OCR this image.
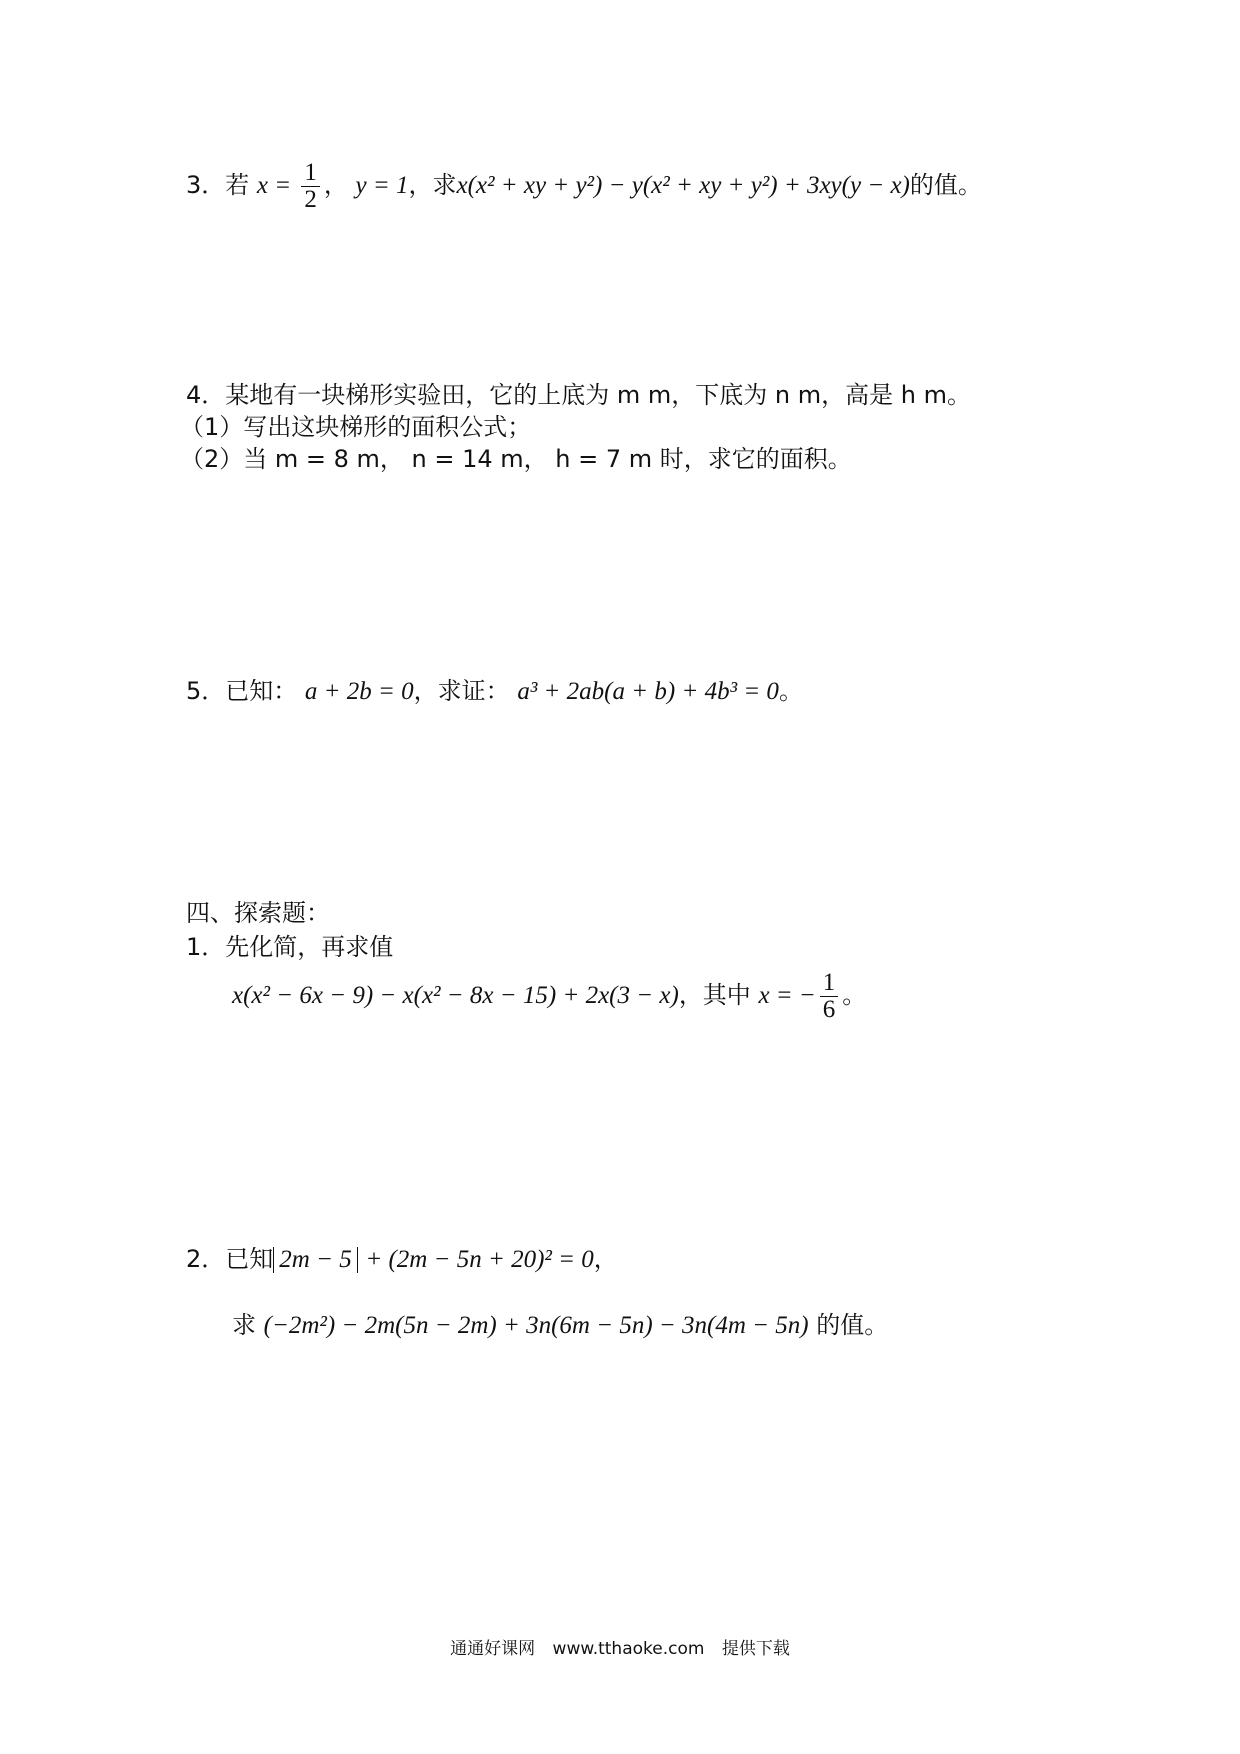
3．若 $x = \frac{1}{2}$ ， y = 1，求x(x² + xy + y²) − y(x² + xy + y²) + 3xy(y − x)的值。
4．某地有一块梯形实验田，它的上底为 m m，下底为 n m，高是 h m。
（1）写出这块梯形的面积公式；
（2）当 m = 8 m， n = 14 m， h = 7 m 时，求它的面积。
5．已知： a + 2b = 0，求证： a³ + 2ab(a + b) + 4b³ = 0。
四、探索题：
1．先化简，再求值
x(x² − 6x − 9) − x(x² − 8x − 15) + 2x(3 − x)，其中 x = − $\frac{1}{6}$ 。
2．已知 2m − 5 + (2m − 5n + 20)² = 0，
求 (−2m²) − 2m(5n − 2m) + 3n(6m − 5n) − 3n(4m − 5n) 的值。
通通好课网 www.tthaoke.com 提供下载
